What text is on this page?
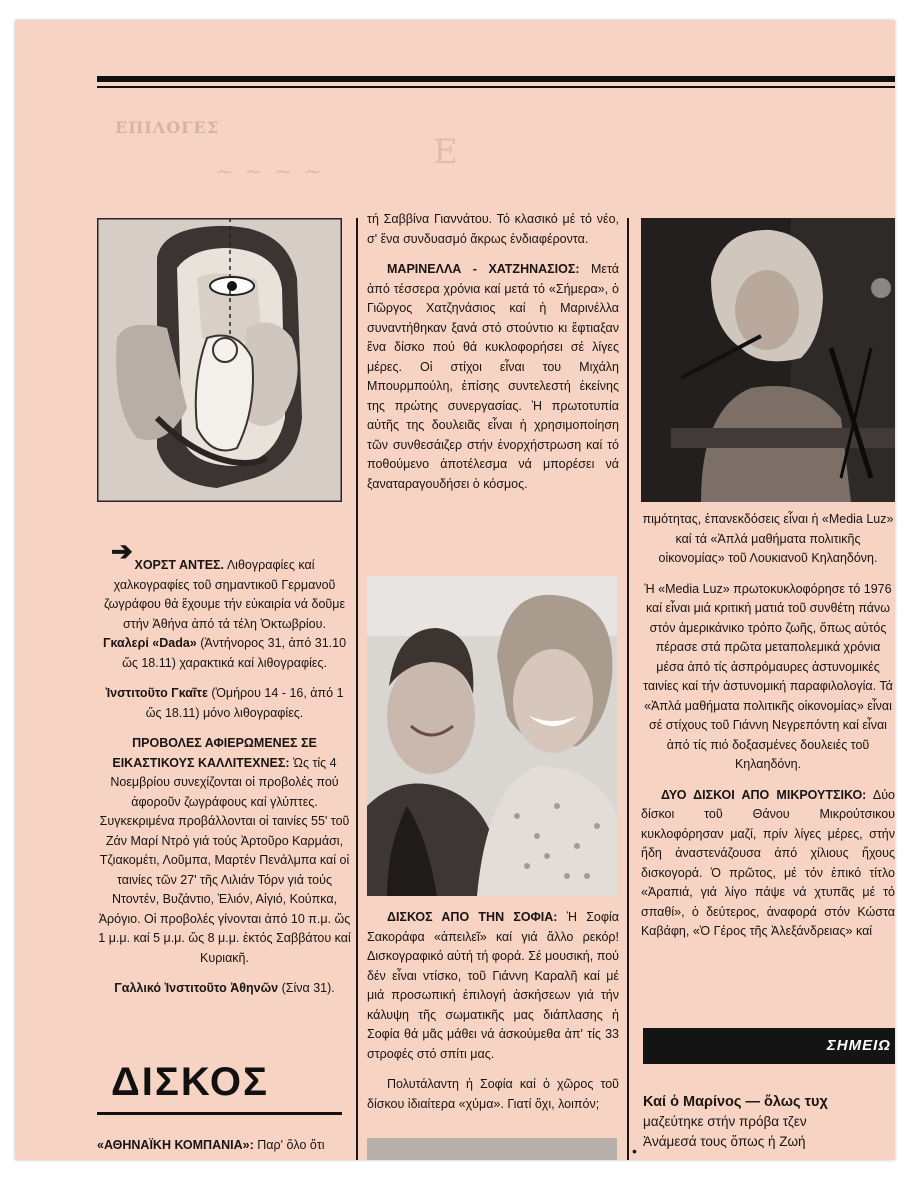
ΕΠΙΛΟΓΕΣ
~ ~ ~ ~
Ε
➔ ΧΟΡΣΤ ΑΝΤΕΣ. Λιθογραφίες καί χαλκογραφίες τοῦ σημαντικοῦ Γερμανοῦ ζωγράφου θά ἔχουμε τήν εὐκαιρία νά δοῦμε στήν Ἀθήνα ἀπό τά τέλη Ὀκτωβρίου.

Γκαλερί «Dada» (Ἀντήνορος 31, ἀπό 31.10 ὥς 18.11) χαρακτικά καί λιθογραφίες.

Ἰνστιτοῦτο Γκαῖτε (Ὁμήρου 14 - 16, ἀπό 1 ὥς 18.11) μόνο λιθογραφίες.

ΠΡΟΒΟΛΕΣ ΑΦΙΕΡΩΜΕΝΕΣ ΣΕ ΕΙΚΑΣΤΙΚΟΥΣ ΚΑΛΛΙΤΕΧΝΕΣ: Ὡς τίς 4 Νοεμβρίου συνεχίζονται οἱ προβολές πού ἀφοροῦν ζωγράφους καί γλύπτες. Συγκεκριμένα προβάλλονται οἱ ταινίες 55' τοῦ Ζάν Μαρί Ντρό γιά τούς Ἀρτοῦρο Καρμάσι, Τζιακομέτι, Λοῦμπα, Μαρτέν Πενάλμπα καί οἱ ταινίες τῶν 27' τῆς Λιλιάν Τόρν γιά τούς Ντοντέν, Βυζάντιο, Ἐλιόν, Αἰγιό, Κούπκα, Ἀρόγιο. Οἱ προβολές γίνονται ἀπό 10 π.μ. ὥς 1 μ.μ. καί 5 μ.μ. ὥς 8 μ.μ. ἐκτός Σαββάτου καί Κυριακῆ.

Γαλλικό Ἰνστιτοῦτο Ἀθηνῶν (Σίνα 31).

ΔΙΣΚΟΣ
«ΑΘΗΝΑΪΚΗ ΚΟΜΠΑΝΙΑ»: Παρ' ὅλο ὅτι

τή Σαββίνα Γιαννάτου. Τό κλασικό μέ τό νέο, σ' ἕνα συνδυασμό ἄκρως ἐνδιαφέροντα.

ΜΑΡΙΝΕΛΛΑ - ΧΑΤΖΗΝΑΣΙΟΣ: Μετά ἀπό τέσσερα χρόνια καί μετά τό «Σήμερα», ὁ Γιῶργος Χατζηνάσιος καί ἡ Μαρινέλλα συναντήθηκαν ξανά στό στούντιο κι ἔφτιαξαν ἕνα δίσκο πού θά κυκλοφορήσει σέ λίγες μέρες. Οἱ στίχοι εἶναι του Μιχάλη Μπουρμπούλη, ἐπίσης συντελεστή ἐκείνης της πρώτης συνεργασίας. Ἡ πρωτοτυπία αὐτῆς της δουλειᾶς εἶναι ἡ χρησιμοποίηση τῶν συνθεσάιζερ στήν ἐνορχήστρωση καί τό ποθούμενο ἀποτέλεσμα νά μπορέσει νά ξαναταραγουδήσει ὁ κόσμος.

ΔΙΣΚΟΣ ΑΠΟ ΤΗΝ ΣΟΦΙΑ: Ἡ Σοφία Σακοράφα «ἀπειλεῖ» καί γιά ἄλλο ρεκόρ! Δισκογραφικό αὐτή τή φορά. Σέ μουσική, πού δέν εἶναι ντίσκο, τοῦ Γιάννη Καραλῆ καί μέ μιά προσωπική ἐπιλογή ἀσκήσεων γιά τήν κάλυψη τῆς σωματικῆς μας διάπλασης ἡ Σοφία θά μᾶς μάθει νά ἀσκούμεθα ἀπ' τίς 33 στροφές στό σπίτι μας.

Πολυτάλαντη ἡ Σοφία καί ὁ χῶρος τοῦ δίσκου ἰδιαίτερα «χύμα». Γιατί ὄχι, λοιπόν;

πιμότητας, ἐπανεκδόσεις εἶναι ἡ «Media Luz» καί τά «Ἁπλά μαθήματα πολιτικῆς οἰκονομίας» τοῦ Λουκιανοῦ Κηλαηδόνη.

Ἡ «Media Luz» πρωτοκυκλοφόρησε τό 1976 καί εἶναι μιά κριτική ματιά τοῦ συνθέτη πάνω στόν ἀμερικάνικο τρόπο ζωῆς, ὅπως αὐτός πέρασε στά πρῶτα μεταπολεμικά χρόνια μέσα ἀπό τίς ἀσπρόμαυρες ἀστυνομικές ταινίες καί τήν ἀστυνομική παραφιλολογία. Τά «Ἁπλά μαθήματα πολιτικῆς οἰκονομίας» εἶναι σέ στίχους τοῦ Γιάννη Νεγρεπόντη καί εἶναι ἀπό τίς πιό δοξασμένες δουλειές τοῦ Κηλαηδόνη.

ΔΥΟ ΔΙΣΚΟΙ ΑΠΟ ΜΙΚΡΟΥΤΣΙΚΟ: Δύο δίσκοι τοῦ Θάνου Μικρούτσικου κυκλοφόρησαν μαζί, πρίν λίγες μέρες, στήν ἤδη ἀναστενάζουσα ἀπό χίλιους ἤχους δισκογορά. Ὁ πρῶτος, μέ τόν ἐπικό τίτλο «Ἀραπιά, γιά λίγο πάψε νά χτυπᾶς μέ τό σπαθί», ὁ δεύτερος, ἀναφορά στόν Κώστα Καβάφη, «Ὁ Γέρος τῆς Ἀλεξάνδρειας» καί

ΣΗΜΕΙΩ
•
Καί ὁ Μαρίνος — ὅλως τυχ
μαζεύτηκε στήν πρόβα τζεν
Ἀνάμεσά τους ὅπως ἡ Ζωή
